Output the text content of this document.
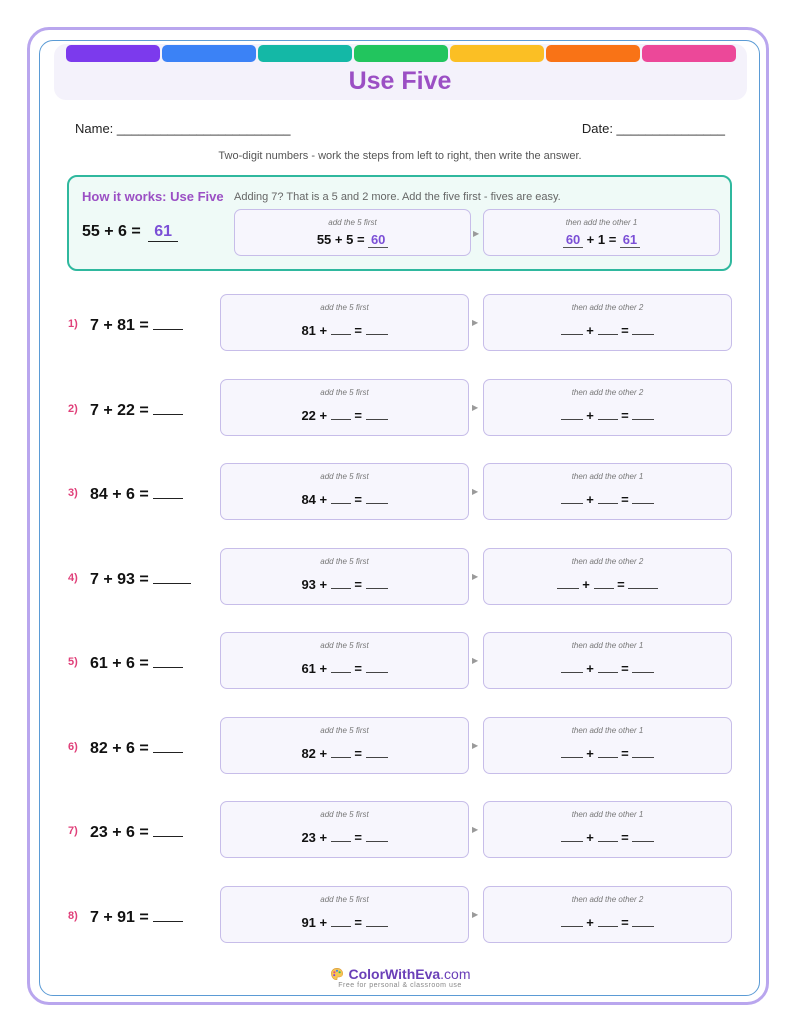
Use Five
Name: ________________________	Date: _______________
Two-digit numbers - work the steps from left to right, then write the answer.
How it works: Use Five Adding 7? That is a 5 and 2 more. Add the five first - fives are easy.
55 + 6 = 61
add the 5 first
55 + 5 = 60	▶
then add the other 1
60 + 1 = 61
1) 7 + 81 =
add the 5 first
81 +  =
▶
then add the other 2
+  =
2) 7 + 22 =
add the 5 first
22 +  =
▶
then add the other 2
+  =
3) 84 + 6 =
add the 5 first
84 +  =
▶
then add the other 1
+  =
4) 7 + 93 =
add the 5 first
93 +  =
▶
then add the other 2
+  =
5) 61 + 6 =
add the 5 first
61 +  =
▶
then add the other 1
+  =
6) 82 + 6 =
add the 5 first
82 +  =
▶
then add the other 1
+  =
7) 23 + 6 =
add the 5 first
23 +  =
▶
then add the other 1
+  =
8) 7 + 91 =
add the 5 first
91 +  =
▶
then add the other 2
+  =
ColorWithEva.com
Free for personal & classroom use
